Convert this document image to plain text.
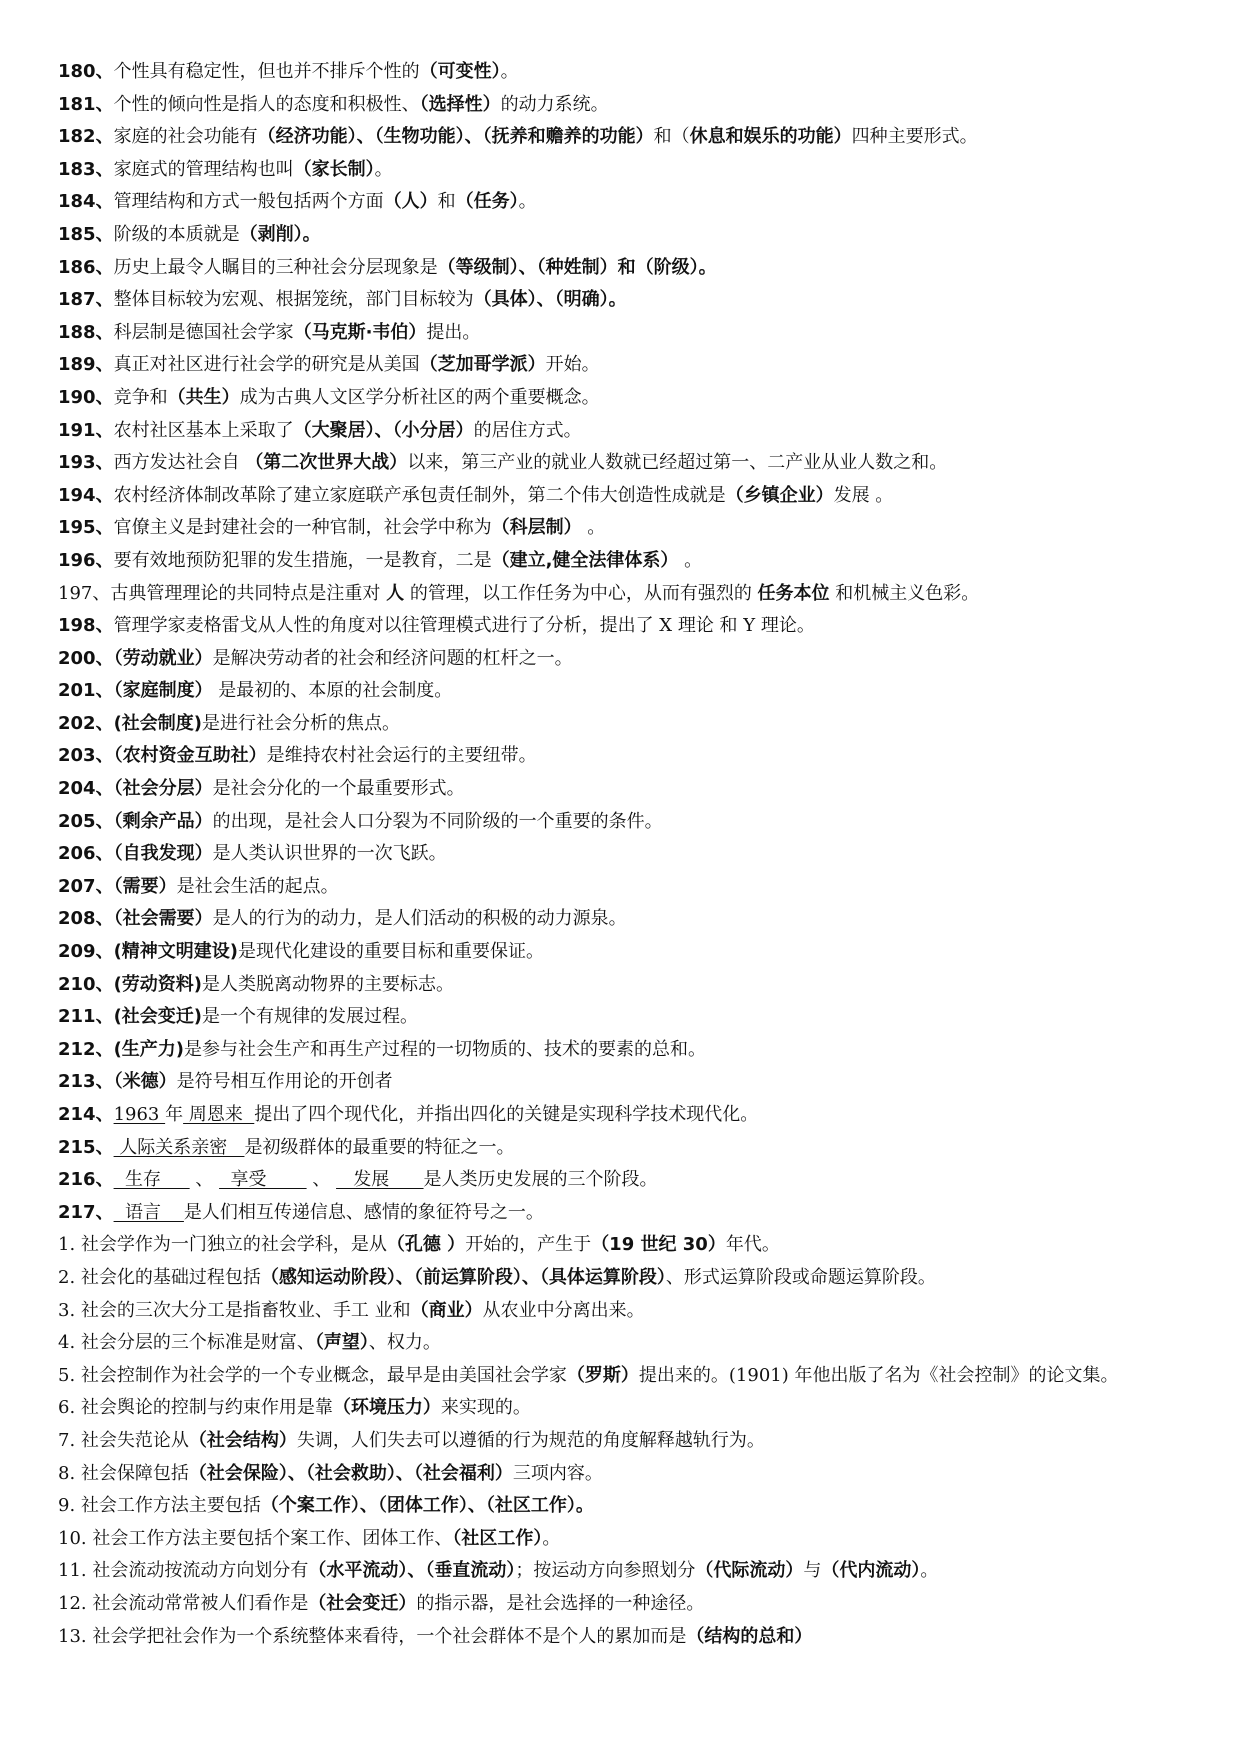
180、个性具有稳定性，但也并不排斥个性的（可变性）。
181、个性的倾向性是指人的态度和积极性、（选择性）的动力系统。
182、家庭的社会功能有（经济功能）、（生物功能）、（抚养和赡养的功能）和（休息和娱乐的功能）四种主要形式。
183、家庭式的管理结构也叫（家长制）。
184、管理结构和方式一般包括两个方面（人）和（任务）。
185、阶级的本质就是（剥削）。
186、历史上最令人瞩目的三种社会分层现象是（等级制）、（种姓制）和（阶级）。
187、整体目标较为宏观、根据笼统，部门目标较为（具体）、（明确）。
188、科层制是德国社会学家（马克斯·韦伯）提出。
189、真正对社区进行社会学的研究是从美国（芝加哥学派）开始。
190、竞争和（共生）成为古典人文区学分析社区的两个重要概念。
191、农村社区基本上采取了（大聚居）、（小分居）的居住方式。
193、西方发达社会自 （第二次世界大战）以来，第三产业的就业人数就已经超过第一、二产业从业人数之和。
194、农村经济体制改革除了建立家庭联产承包责任制外，第二个伟大创造性成就是（乡镇企业）发展 。
195、官僚主义是封建社会的一种官制，社会学中称为（科层制） 。
196、要有效地预防犯罪的发生措施，一是教育，二是（建立,健全法律体系） 。
197、古典管理理论的共同特点是注重对 人 的管理，以工作任务为中心，从而有强烈的 任务本位 和机械主义色彩。
198、管理学家麦格雷戈从人性的角度对以往管理模式进行了分析，提出了 X 理论 和 Y 理论。
200、（劳动就业）是解决劳动者的社会和经济问题的杠杆之一。
201、（家庭制度） 是最初的、本原的社会制度。
202、(社会制度)是进行社会分析的焦点。
203、（农村资金互助社）是维持农村社会运行的主要纽带。
204、（社会分层）是社会分化的一个最重要形式。
205、（剩余产品）的出现，是社会人口分裂为不同阶级的一个重要的条件。
206、（自我发现）是人类认识世界的一次飞跃。
207、（需要）是社会生活的起点。
208、（社会需要）是人的行为的动力，是人们活动的积极的动力源泉。
209、(精神文明建设)是现代化建设的重要目标和重要保证。
210、(劳动资料)是人类脱离动物界的主要标志。
211、(社会变迁)是一个有规律的发展过程。
212、(生产力)是参与社会生产和再生产过程的一切物质的、技术的要素的总和。
213、（米德）是符号相互作用论的开创者
214、1963 年 周恩来  提出了四个现代化，并指出四化的关键是实现科学技术现代化。
215、 人际关系亲密   是初级群体的最重要的特征之一。
216、  生存      、   享受        、    发展      是人类历史发展的三个阶段。
217、  语言    是人们相互传递信息、感情的象征符号之一。
1. 社会学作为一门独立的社会学科，是从（孔德 ）开始的，产生于（19 世纪 30）年代。
2. 社会化的基础过程包括（感知运动阶段）、（前运算阶段）、（具体运算阶段）、形式运算阶段或命题运算阶段。
3. 社会的三次大分工是指畜牧业、手工 业和（商业）从农业中分离出来。
4. 社会分层的三个标准是财富、（声望）、权力。
5. 社会控制作为社会学的一个专业概念，最早是由美国社会学家（罗斯）提出来的。(1901) 年他出版了名为《社会控制》的论文集。
6. 社会舆论的控制与约束作用是靠（环境压力）来实现的。
7. 社会失范论从（社会结构）失调，人们失去可以遵循的行为规范的角度解释越轨行为。
8. 社会保障包括（社会保险）、（社会救助）、（社会福利）三项内容。
9. 社会工作方法主要包括（个案工作）、（团体工作）、（社区工作）。
10. 社会工作方法主要包括个案工作、团体工作、（社区工作）。
11. 社会流动按流动方向划分有（水平流动）、（垂直流动）；按运动方向参照划分（代际流动）与（代内流动）。
12. 社会流动常常被人们看作是（社会变迁）的指示器，是社会选择的一种途径。
13. 社会学把社会作为一个系统整体来看待，一个社会群体不是个人的累加而是（结构的总和）
